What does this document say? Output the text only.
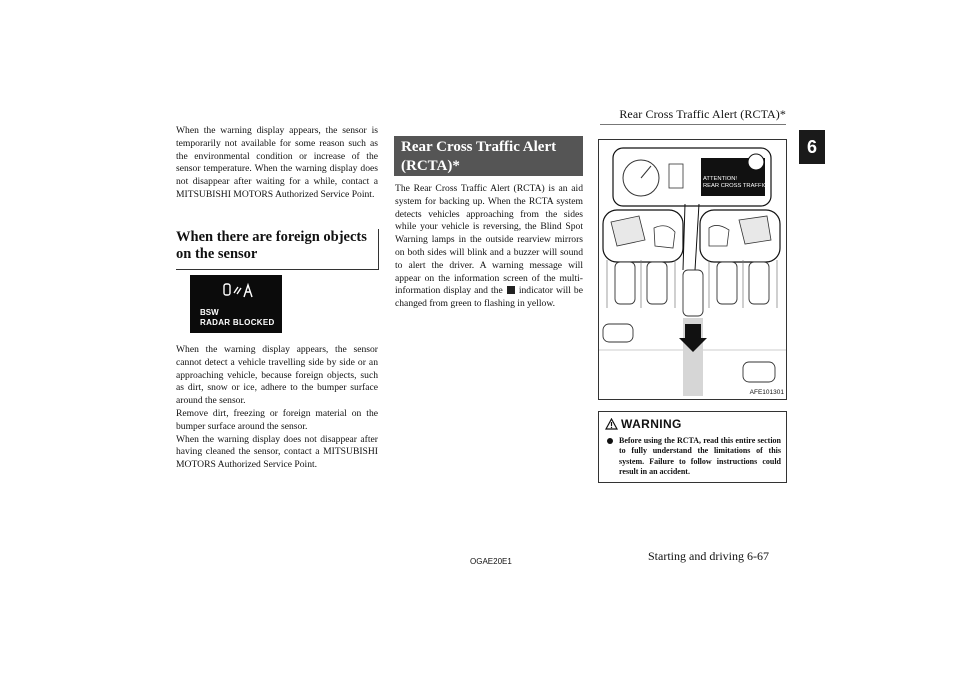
Rear Cross Traffic Alert (RCTA)*
6

When the warning display appears, the sensor is temporarily not available for some reason such as the environmental condition or increase of the sensor temperature. When the warning display does not disappear after waiting for a while, contact a MITSUBISHI MOTORS Authorized Service Point.

When there are foreign objects on the sensor
BSW
RADAR BLOCKED

When the warning display appears, the sensor cannot detect a vehicle travelling side by side or an approaching vehicle, because foreign objects, such as dirt, snow or ice, adhere to the bumper surface around the sensor.

Remove dirt, freezing or foreign material on the bumper surface around the sensor.

When the warning display does not disappear after having cleaned the sensor, contact a MITSUBISHI MOTORS Authorized Service Point.

Rear Cross Traffic Alert (RCTA)*

The Rear Cross Traffic Alert (RCTA) is an aid system for backing up. When the RCTA system detects vehicles approaching from the sides while your vehicle is reversing, the Blind Spot Warning lamps in the outside rearview mirrors on both sides will blink and a buzzer will sound to alert the driver. A warning message will appear on the information screen of the multi-information display and the indicator will be changed from green to flashing in yellow.

ATTENTION!
REAR CROSS TRAFFIC
AFE101301
WARNING
Before using the RCTA, read this entire section to fully understand the limitations of this system. Failure to follow instructions could result in an accident.
OGAE20E1	Starting and driving 6-67
